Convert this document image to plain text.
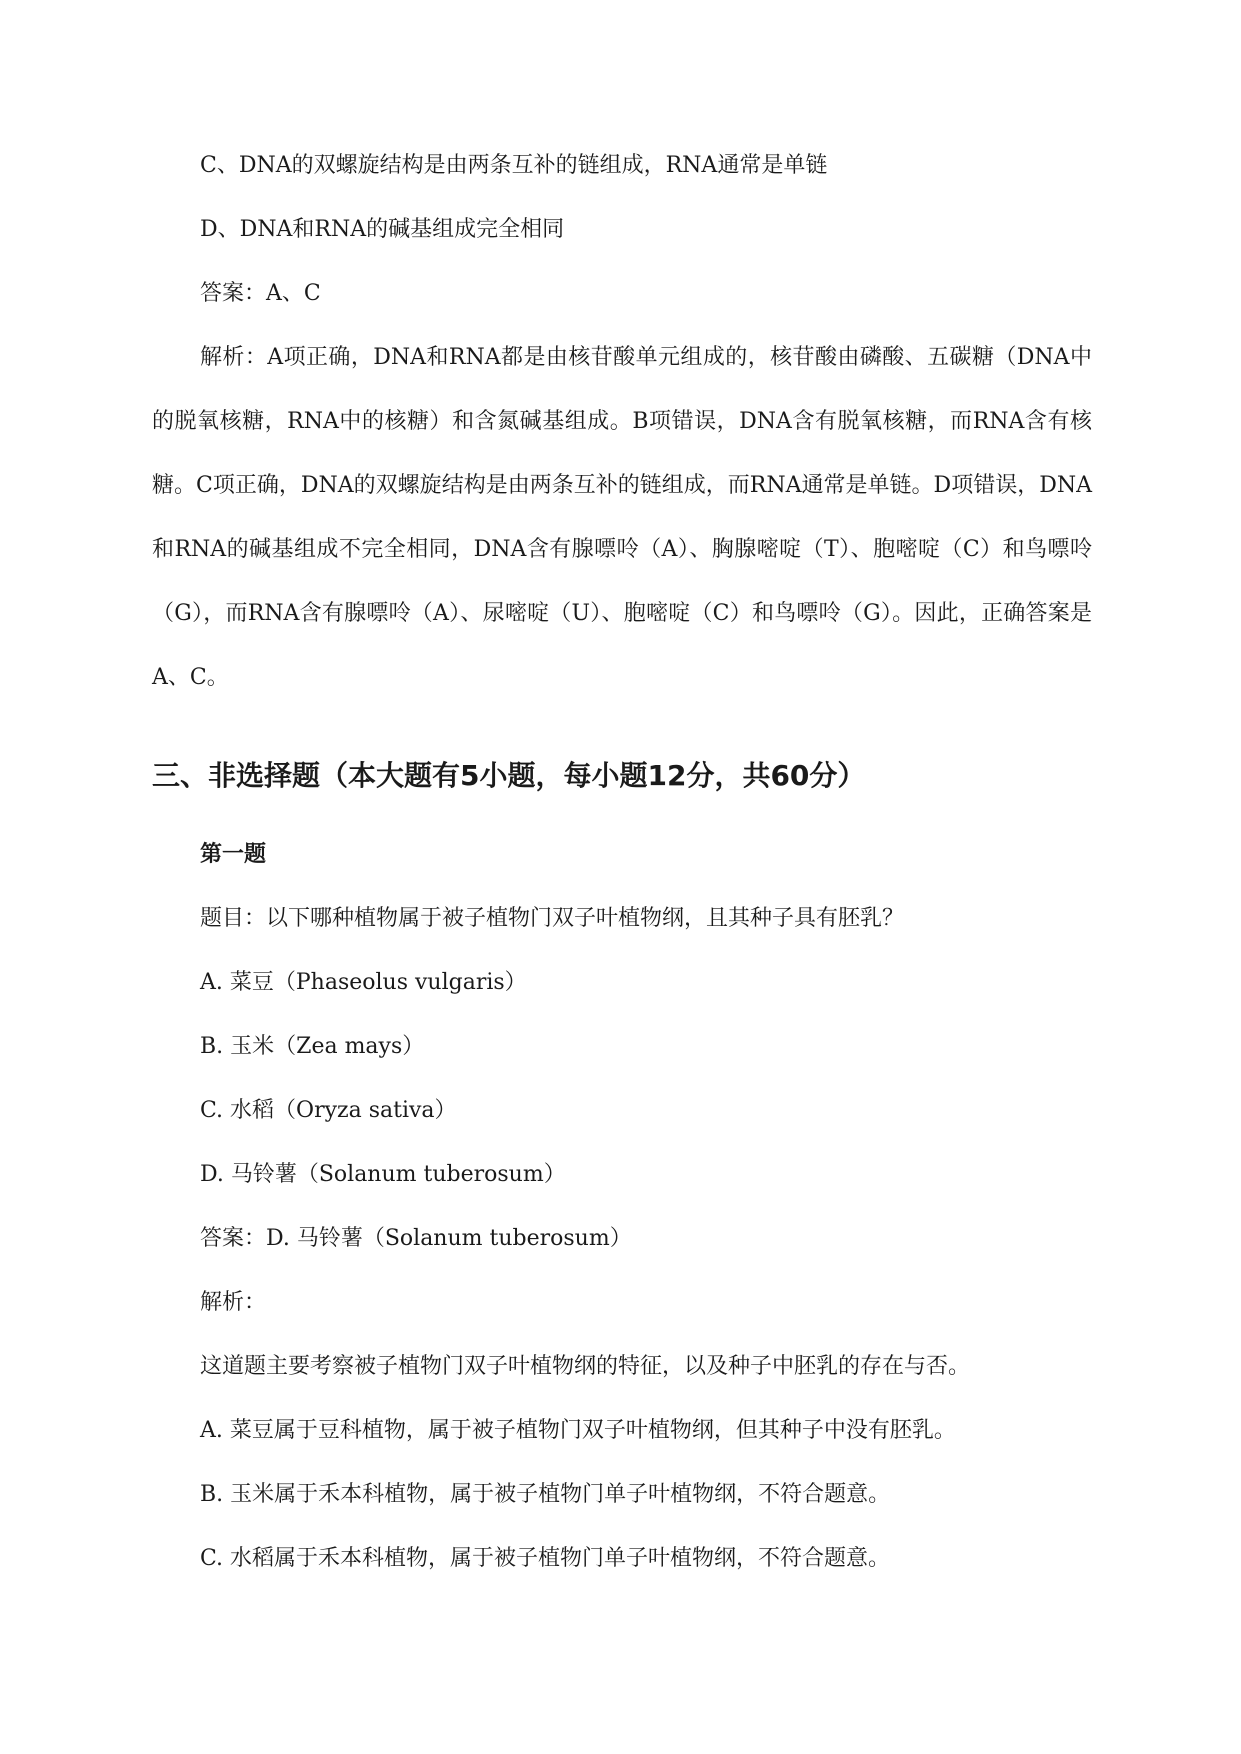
C、DNA的双螺旋结构是由两条互补的链组成，RNA通常是单链

D、DNA和RNA的碱基组成完全相同

答案：A、C

解析：A项正确，DNA和RNA都是由核苷酸单元组成的，核苷酸由磷酸、五碳糖（DNA中的脱氧核糖，RNA中的核糖）和含氮碱基组成。B项错误，DNA含有脱氧核糖，而RNA含有核糖。C项正确，DNA的双螺旋结构是由两条互补的链组成，而RNA通常是单链。D项错误，DNA和RNA的碱基组成不完全相同，DNA含有腺嘌呤（A）、胸腺嘧啶（T）、胞嘧啶（C）和鸟嘌呤（G），而RNA含有腺嘌呤（A）、尿嘧啶（U）、胞嘧啶（C）和鸟嘌呤（G）。因此，正确答案是A、C。

三、非选择题（本大题有5小题，每小题12分，共60分）
第一题

题目：以下哪种植物属于被子植物门双子叶植物纲，且其种子具有胚乳？

A. 菜豆（Phaseolus vulgaris）

B. 玉米（Zea mays）

C. 水稻（Oryza sativa）

D. 马铃薯（Solanum tuberosum）

答案：D. 马铃薯（Solanum tuberosum）

解析：

这道题主要考察被子植物门双子叶植物纲的特征，以及种子中胚乳的存在与否。

A. 菜豆属于豆科植物，属于被子植物门双子叶植物纲，但其种子中没有胚乳。

B. 玉米属于禾本科植物，属于被子植物门单子叶植物纲，不符合题意。

C. 水稻属于禾本科植物，属于被子植物门单子叶植物纲，不符合题意。
